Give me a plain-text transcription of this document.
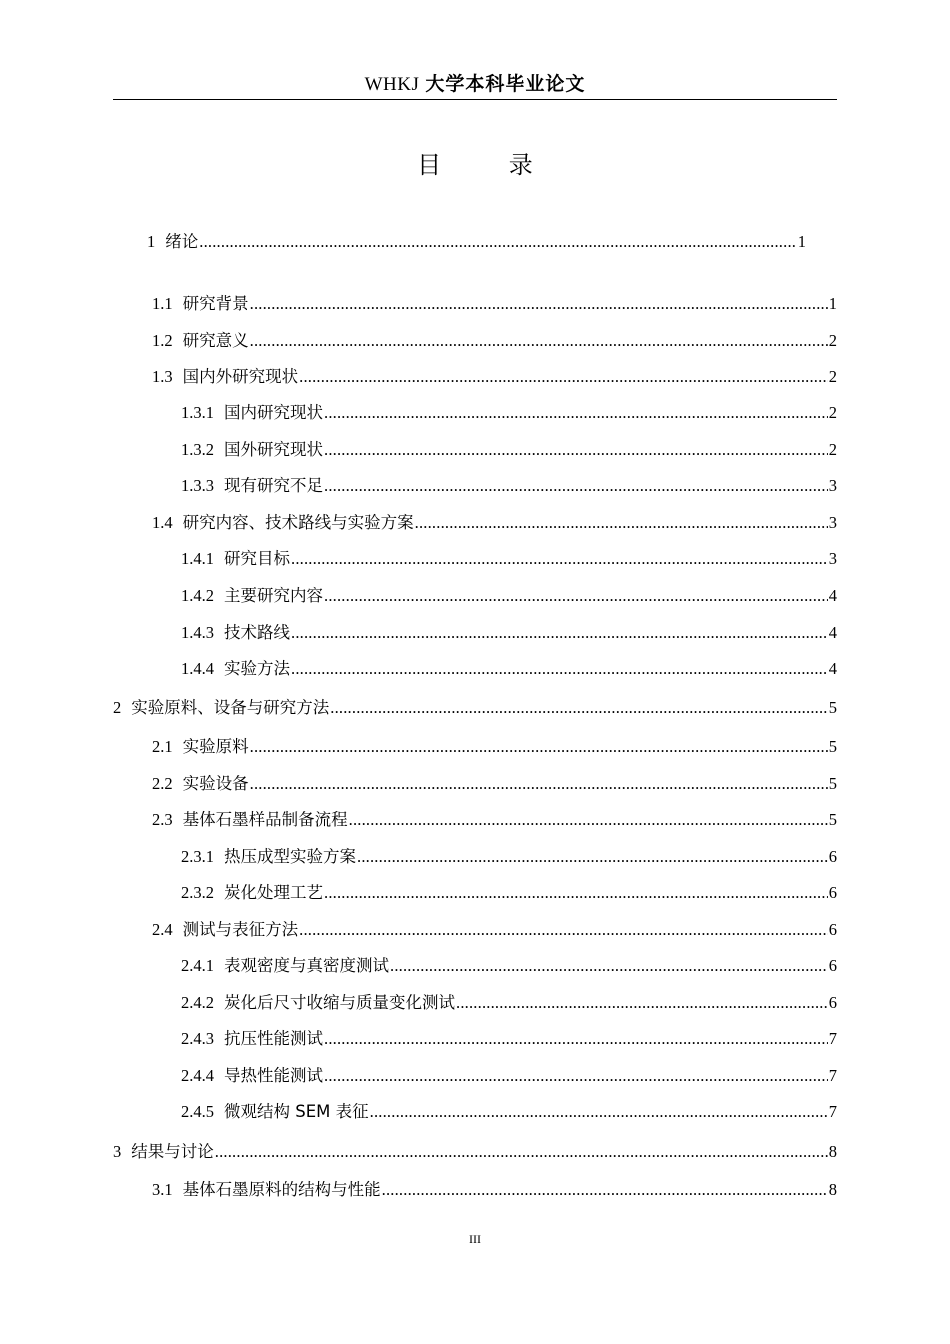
WHKJ 大学本科毕业论文
目 录
1 绪论 .....	1
1.1 研究背景 .....	1
1.2 研究意义 .....	2
1.3 国内外研究现状 .....	2
1.3.1 国内研究现状 .....	2
1.3.2 国外研究现状 .....	2
1.3.3 现有研究不足 .....	3
1.4 研究内容、技术路线与实验方案 .....	3
1.4.1 研究目标 .....	3
1.4.2 主要研究内容 .....	4
1.4.3 技术路线 .....	4
1.4.4 实验方法 .....	4
2 实验原料、设备与研究方法 .....	5
2.1 实验原料 .....	5
2.2 实验设备 .....	5
2.3 基体石墨样品制备流程 .....	5
2.3.1 热压成型实验方案 .....	6
2.3.2 炭化处理工艺 .....	6
2.4 测试与表征方法 .....	6
2.4.1 表观密度与真密度测试 .....	6
2.4.2 炭化后尺寸收缩与质量变化测试 .....	6
2.4.3 抗压性能测试 .....	7
2.4.4 导热性能测试 .....	7
2.4.5 微观结构 SEM 表征 .....	7
3 结果与讨论 .....	8
3.1 基体石墨原料的结构与性能 .....	8
III
